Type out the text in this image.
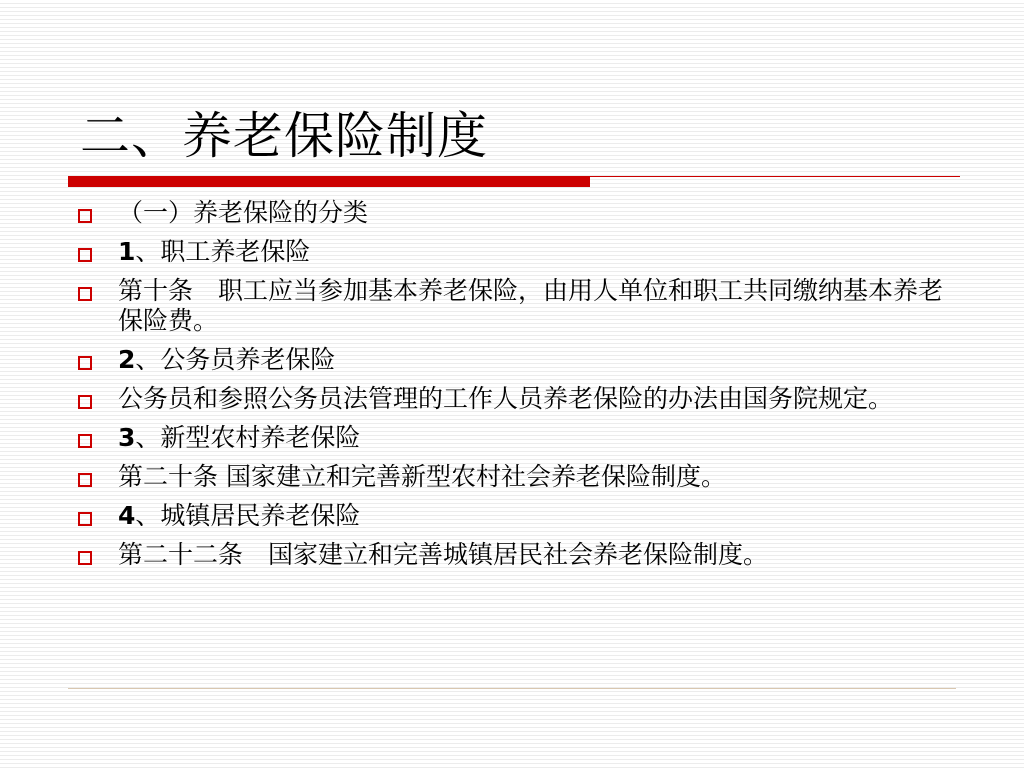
二、养老保险制度
（一）养老保险的分类
1、职工养老保险
第十条　职工应当参加基本养老保险，由用人单位和职工共同缴纳基本养老保险费。
2、公务员养老保险
公务员和参照公务员法管理的工作人员养老保险的办法由国务院规定。
3、新型农村养老保险
第二十条 国家建立和完善新型农村社会养老保险制度。
4、城镇居民养老保险
第二十二条　国家建立和完善城镇居民社会养老保险制度。
